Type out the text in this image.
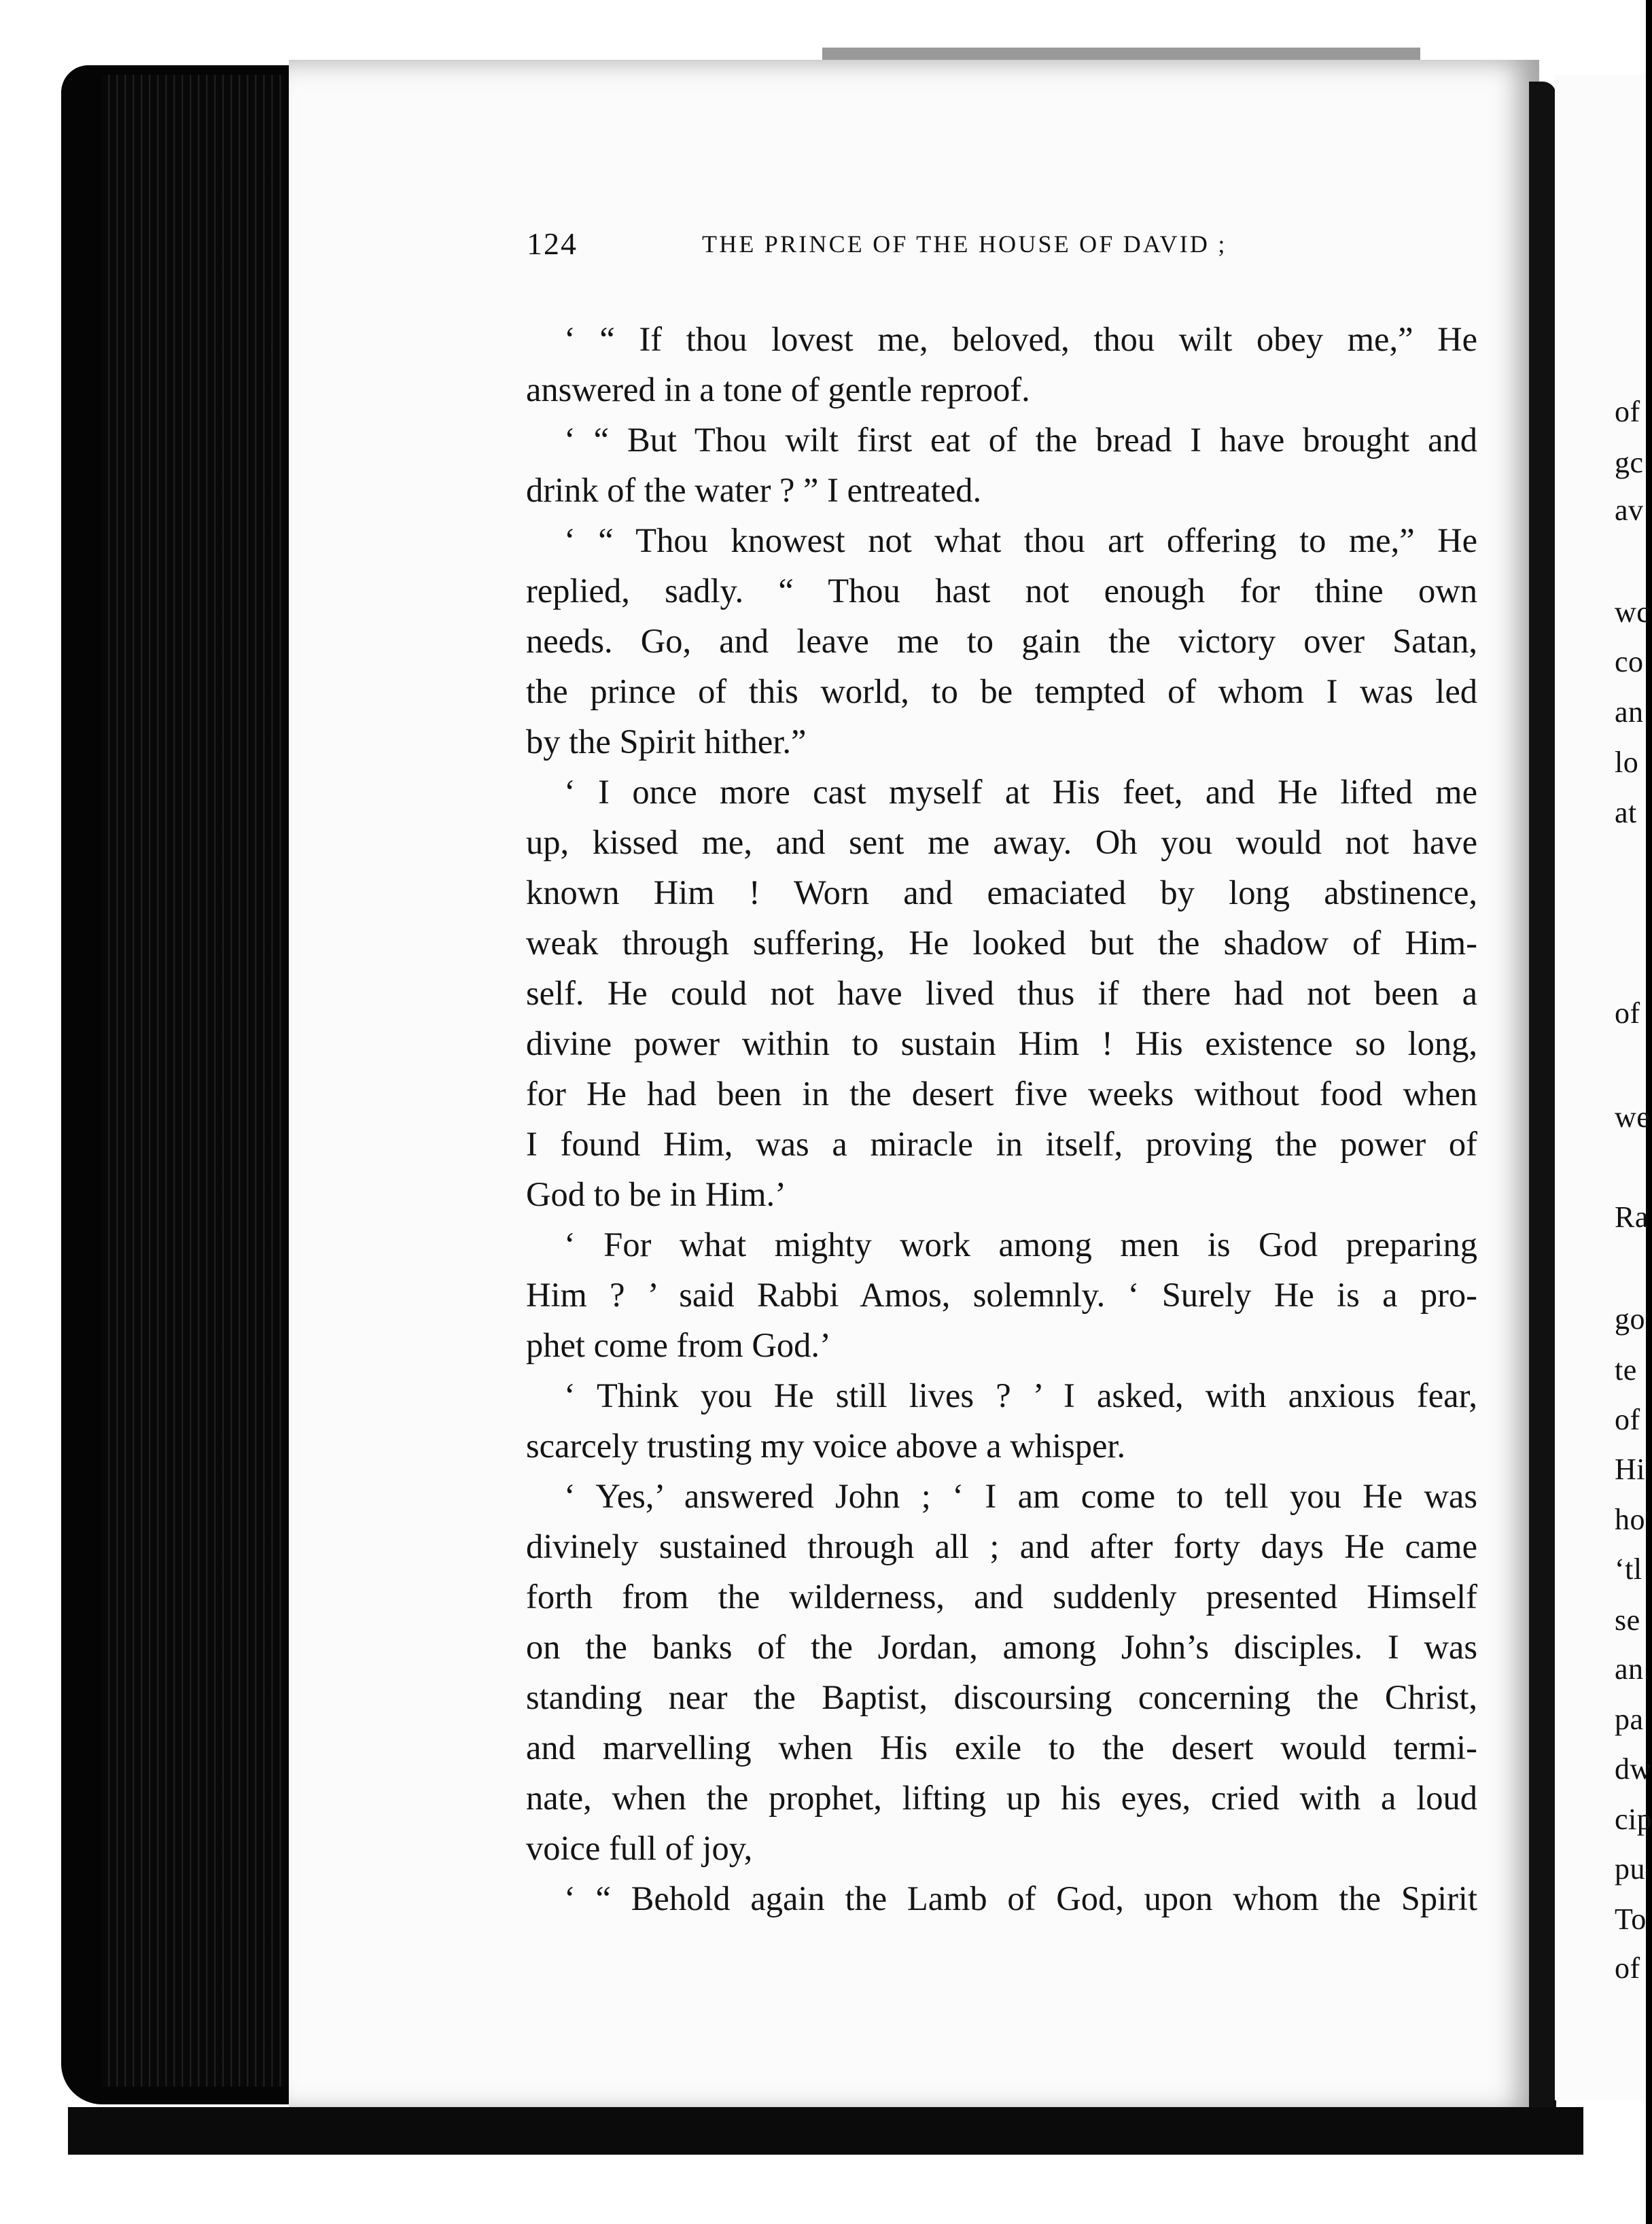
124	THE PRINCE OF THE HOUSE OF DAVID ;
‘ “ If thou lovest me, beloved, thou wilt obey me,” He
answered in a tone of gentle reproof.
‘ “ But Thou wilt first eat of the bread I have brought and
drink of the water ? ” I entreated.
‘ “ Thou knowest not what thou art offering to me,” He
replied, sadly. “ Thou hast not enough for thine own
needs. Go, and leave me to gain the victory over Satan,
the prince of this world, to be tempted of whom I was led
by the Spirit hither.”
‘ I once more cast myself at His feet, and He lifted me
up, kissed me, and sent me away. Oh you would not have
known Him ! Worn and emaciated by long abstinence,
weak through suffering, He looked but the shadow of Him-
self. He could not have lived thus if there had not been a
divine power within to sustain Him ! His existence so long,
for He had been in the desert five weeks without food when
I found Him, was a miracle in itself, proving the power of
God to be in Him.’
‘ For what mighty work among men is God preparing
Him ? ’ said Rabbi Amos, solemnly. ‘ Surely He is a pro-
phet come from God.’
‘ Think you He still lives ? ’ I asked, with anxious fear,
scarcely trusting my voice above a whisper.
‘ Yes,’ answered John ; ‘ I am come to tell you He was
divinely sustained through all ; and after forty days He came
forth from the wilderness, and suddenly presented Himself
on the banks of the Jordan, among John’s disciples. I was
standing near the Baptist, discoursing concerning the Christ,
and marvelling when His exile to the desert would termi-
nate, when the prophet, lifting up his eyes, cried with a loud
voice full of joy,
‘ “ Behold again the Lamb of God, upon whom the Spirit
of
gc
av
wc
co
an
lo
at
of
we
Ra
go
te
of
Hi
ho
‘tl
se
an
pa
dw
cip
pu
To
of
